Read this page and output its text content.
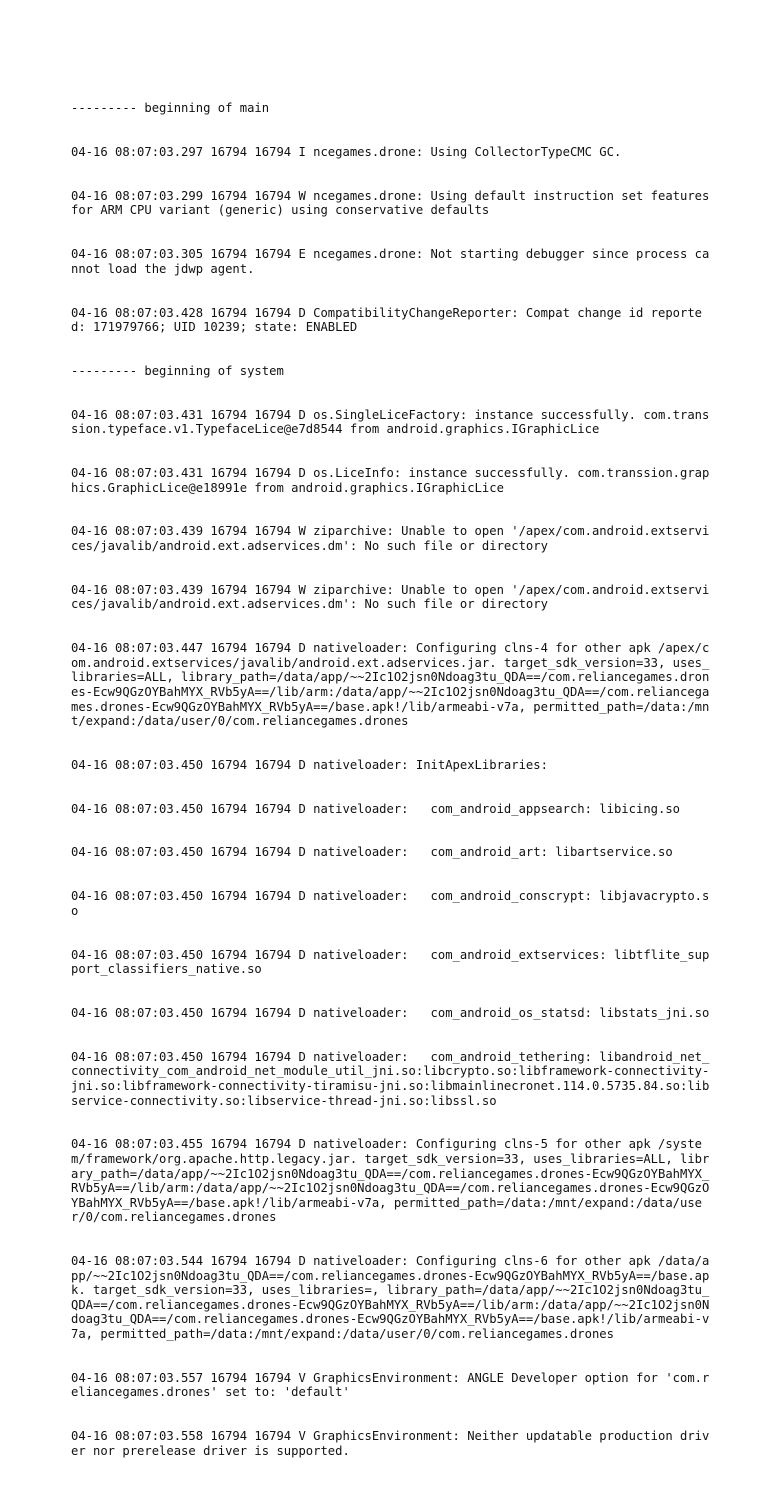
--------- beginning of main

04-16 08:07:03.297 16794 16794 I ncegames.drone: Using CollectorTypeCMC GC.

04-16 08:07:03.299 16794 16794 W ncegames.drone: Using default instruction set features for ARM CPU variant (generic) using conservative defaults

04-16 08:07:03.305 16794 16794 E ncegames.drone: Not starting debugger since process cannot load the jdwp agent.

04-16 08:07:03.428 16794 16794 D CompatibilityChangeReporter: Compat change id reported: 171979766; UID 10239; state: ENABLED

--------- beginning of system

04-16 08:07:03.431 16794 16794 D os.SingleLiceFactory: instance successfully. com.transsion.typeface.v1.TypefaceLice@e7d8544 from android.graphics.IGraphicLice

04-16 08:07:03.431 16794 16794 D os.LiceInfo: instance successfully. com.transsion.graphics.GraphicLice@e18991e from android.graphics.IGraphicLice

04-16 08:07:03.439 16794 16794 W ziparchive: Unable to open '/apex/com.android.extservices/javalib/android.ext.adservices.dm': No such file or directory

04-16 08:07:03.439 16794 16794 W ziparchive: Unable to open '/apex/com.android.extservices/javalib/android.ext.adservices.dm': No such file or directory

04-16 08:07:03.447 16794 16794 D nativeloader: Configuring clns-4 for other apk /apex/com.android.extservices/javalib/android.ext.adservices.jar. target_sdk_version=33, uses_libraries=ALL, library_path=/data/app/~~2Ic1O2jsn0Ndoag3tu_QDA==/com.reliancegames.drones-Ecw9QGzOYBahMYX_RVb5yA==/lib/arm:/data/app/~~2Ic1O2jsn0Ndoag3tu_QDA==/com.reliancegames.drones-Ecw9QGzOYBahMYX_RVb5yA==/base.apk!/lib/armeabi-v7a, permitted_path=/data:/mnt/expand:/data/user/0/com.reliancegames.drones

04-16 08:07:03.450 16794 16794 D nativeloader: InitApexLibraries:

04-16 08:07:03.450 16794 16794 D nativeloader:   com_android_appsearch: libicing.so

04-16 08:07:03.450 16794 16794 D nativeloader:   com_android_art: libartservice.so

04-16 08:07:03.450 16794 16794 D nativeloader:   com_android_conscrypt: libjavacrypto.so

04-16 08:07:03.450 16794 16794 D nativeloader:   com_android_extservices: libtflite_support_classifiers_native.so

04-16 08:07:03.450 16794 16794 D nativeloader:   com_android_os_statsd: libstats_jni.so

04-16 08:07:03.450 16794 16794 D nativeloader:   com_android_tethering: libandroid_net_connectivity_com_android_net_module_util_jni.so:libcrypto.so:libframework-connectivity-jni.so:libframework-connectivity-tiramisu-jni.so:libmainlinecronet.114.0.5735.84.so:libservice-connectivity.so:libservice-thread-jni.so:libssl.so

04-16 08:07:03.455 16794 16794 D nativeloader: Configuring clns-5 for other apk /system/framework/org.apache.http.legacy.jar. target_sdk_version=33, uses_libraries=ALL, library_path=/data/app/~~2Ic1O2jsn0Ndoag3tu_QDA==/com.reliancegames.drones-Ecw9QGzOYBahMYX_RVb5yA==/lib/arm:/data/app/~~2Ic1O2jsn0Ndoag3tu_QDA==/com.reliancegames.drones-Ecw9QGzOYBahMYX_RVb5yA==/base.apk!/lib/armeabi-v7a, permitted_path=/data:/mnt/expand:/data/user/0/com.reliancegames.drones

04-16 08:07:03.544 16794 16794 D nativeloader: Configuring clns-6 for other apk /data/app/~~2Ic1O2jsn0Ndoag3tu_QDA==/com.reliancegames.drones-Ecw9QGzOYBahMYX_RVb5yA==/base.apk. target_sdk_version=33, uses_libraries=, library_path=/data/app/~~2Ic1O2jsn0Ndoag3tu_QDA==/com.reliancegames.drones-Ecw9QGzOYBahMYX_RVb5yA==/lib/arm:/data/app/~~2Ic1O2jsn0Ndoag3tu_QDA==/com.reliancegames.drones-Ecw9QGzOYBahMYX_RVb5yA==/base.apk!/lib/armeabi-v7a, permitted_path=/data:/mnt/expand:/data/user/0/com.reliancegames.drones

04-16 08:07:03.557 16794 16794 V GraphicsEnvironment: ANGLE Developer option for 'com.reliancegames.drones' set to: 'default'

04-16 08:07:03.558 16794 16794 V GraphicsEnvironment: Neither updatable production driver nor prerelease driver is supported.
